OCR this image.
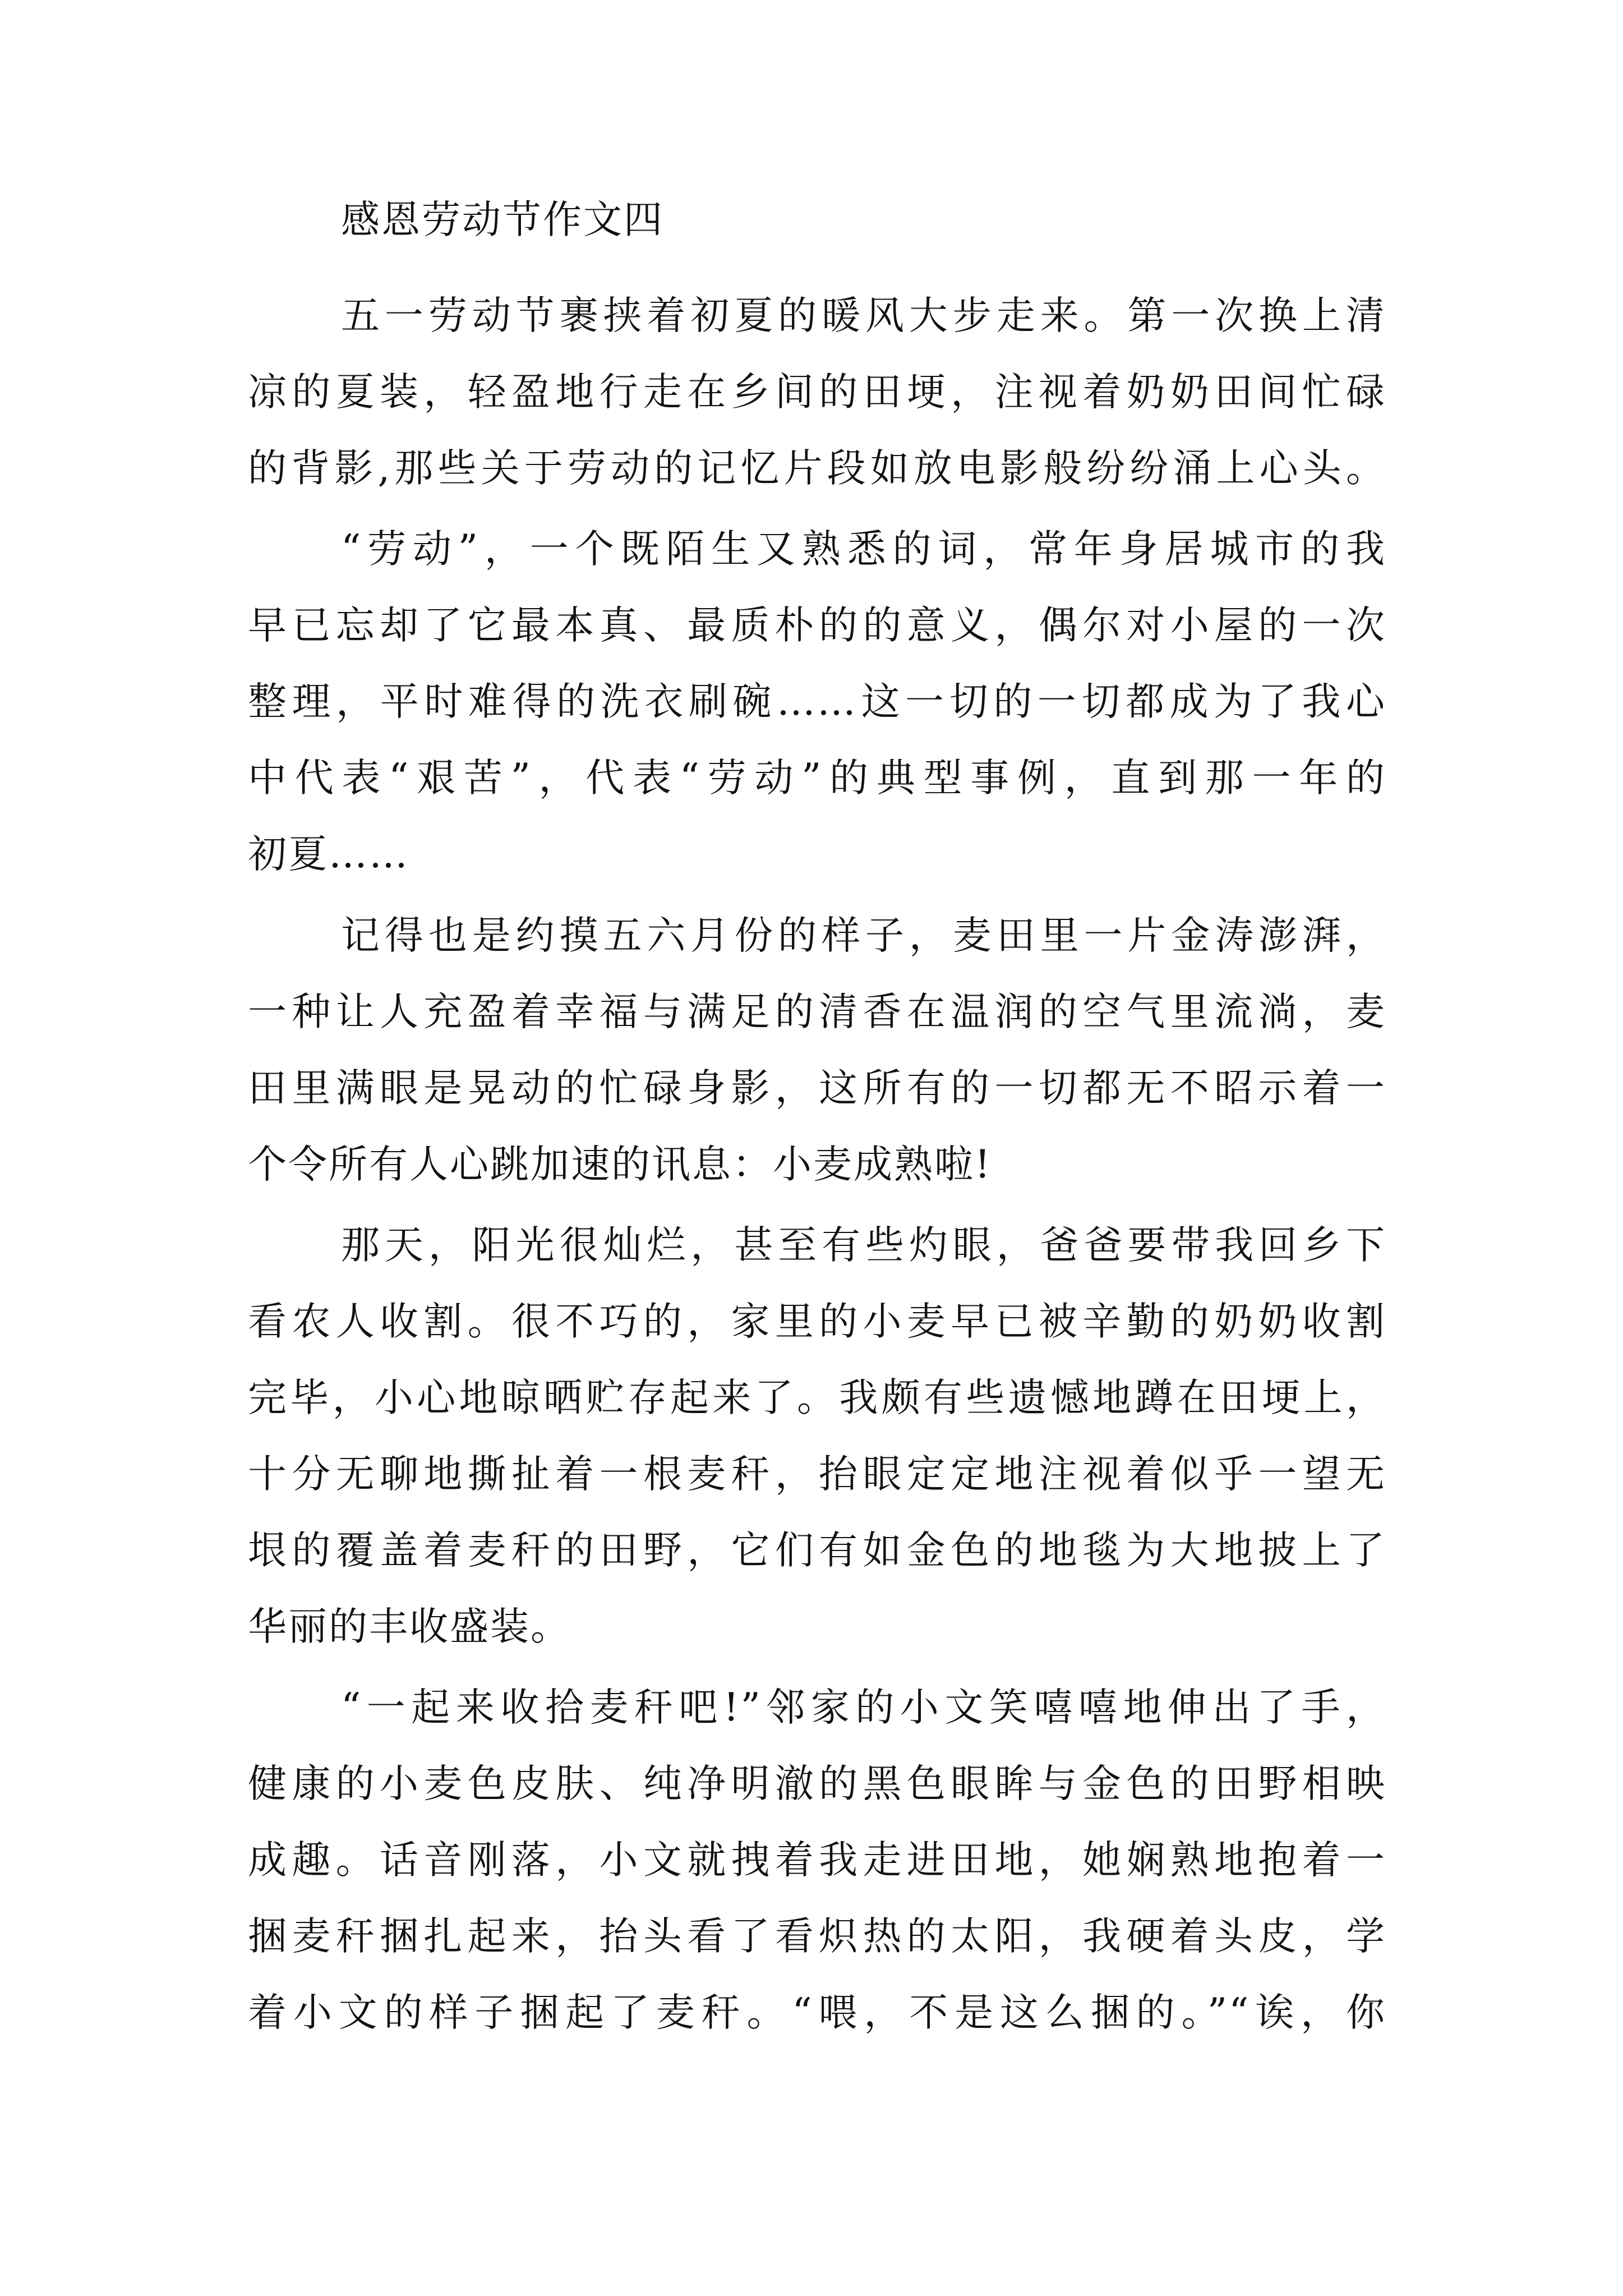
感恩劳动节作文四
五一劳动节裹挟着初夏的暖风大步走来。第一次换上清
凉的夏装，轻盈地行走在乡间的田埂，注视着奶奶田间忙碌
的背影,那些关于劳动的记忆片段如放电影般纷纷涌上心头。
“劳动”，一个既陌生又熟悉的词，常年身居城市的我
早已忘却了它最本真、最质朴的的意义，偶尔对小屋的一次
整理，平时难得的洗衣刷碗……这一切的一切都成为了我心
中代表“艰苦”，代表“劳动”的典型事例，直到那一年的
初夏……
记得也是约摸五六月份的样子，麦田里一片金涛澎湃，
一种让人充盈着幸福与满足的清香在温润的空气里流淌，麦
田里满眼是晃动的忙碌身影，这所有的一切都无不昭示着一
个令所有人心跳加速的讯息：小麦成熟啦!
那天，阳光很灿烂，甚至有些灼眼，爸爸要带我回乡下
看农人收割。很不巧的，家里的小麦早已被辛勤的奶奶收割
完毕，小心地晾晒贮存起来了。我颇有些遗憾地蹲在田埂上，
十分无聊地撕扯着一根麦秆，抬眼定定地注视着似乎一望无
垠的覆盖着麦秆的田野，它们有如金色的地毯为大地披上了
华丽的丰收盛装。
“一起来收拾麦秆吧!”邻家的小文笑嘻嘻地伸出了手，
健康的小麦色皮肤、纯净明澈的黑色眼眸与金色的田野相映
成趣。话音刚落，小文就拽着我走进田地，她娴熟地抱着一
捆麦秆捆扎起来，抬头看了看炽热的太阳，我硬着头皮，学
着小文的样子捆起了麦秆。“喂，不是这么捆的。”“诶，你
